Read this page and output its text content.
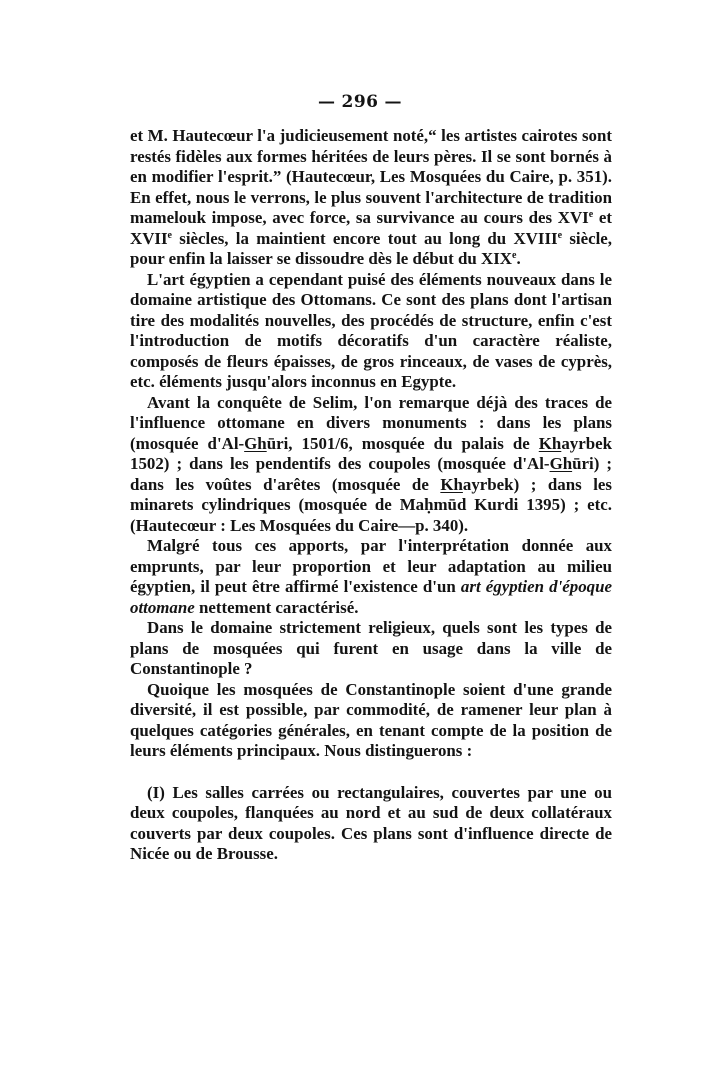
— 296 —

et M. Hautecœur l'a judicieusement noté,“ les artistes cairotes sont restés fidèles aux formes héritées de leurs pères. Il se sont bornés à en modifier l'esprit.” (Hautecœur, Les Mosquées du Caire, p. 351). En effet, nous le verrons, le plus souvent l'architecture de tradition mamelouk impose, avec force, sa survivance au cours des XVIe et XVIIe siècles, la maintient encore tout au long du XVIIIe siècle, pour enfin la laisser se dissoudre dès le début du XIXe.

L'art égyptien a cependant puisé des éléments nouveaux dans le domaine artistique des Ottomans. Ce sont des plans dont l'artisan tire des modalités nouvelles, des procédés de structure, enfin c'est l'introduction de motifs décoratifs d'un caractère réaliste, composés de fleurs épaisses, de gros rinceaux, de vases de cyprès, etc. éléments jusqu'alors inconnus en Egypte.

Avant la conquête de Selim, l'on remarque déjà des traces de l'influence ottomane en divers monuments : dans les plans (mosquée d'Al-Ghūri, 1501/6, mosquée du palais de Khayrbek 1502) ; dans les pendentifs des coupoles (mosquée d'Al-Ghūri) ; dans les voûtes d'arêtes (mosquée de Khayrbek) ; dans les minarets cylindriques (mosquée de Maḥmūd Kurdi 1395) ; etc. (Hautecœur : Les Mosquées du Caire—p. 340).

Malgré tous ces apports, par l'interprétation donnée aux emprunts, par leur proportion et leur adaptation au milieu égyptien, il peut être affirmé l'existence d'un art égyptien d'époque ottomane nettement caractérisé.

Dans le domaine strictement religieux, quels sont les types de plans de mosquées qui furent en usage dans la ville de Constantinople ?

Quoique les mosquées de Constantinople soient d'une grande diversité, il est possible, par commodité, de ramener leur plan à quelques catégories générales, en tenant compte de la position de leurs éléments principaux. Nous distinguerons :

(I) Les salles carrées ou rectangulaires, couvertes par une ou deux coupoles, flanquées au nord et au sud de deux collatéraux couverts par deux coupoles. Ces plans sont d'influence directe de Nicée ou de Brousse.
